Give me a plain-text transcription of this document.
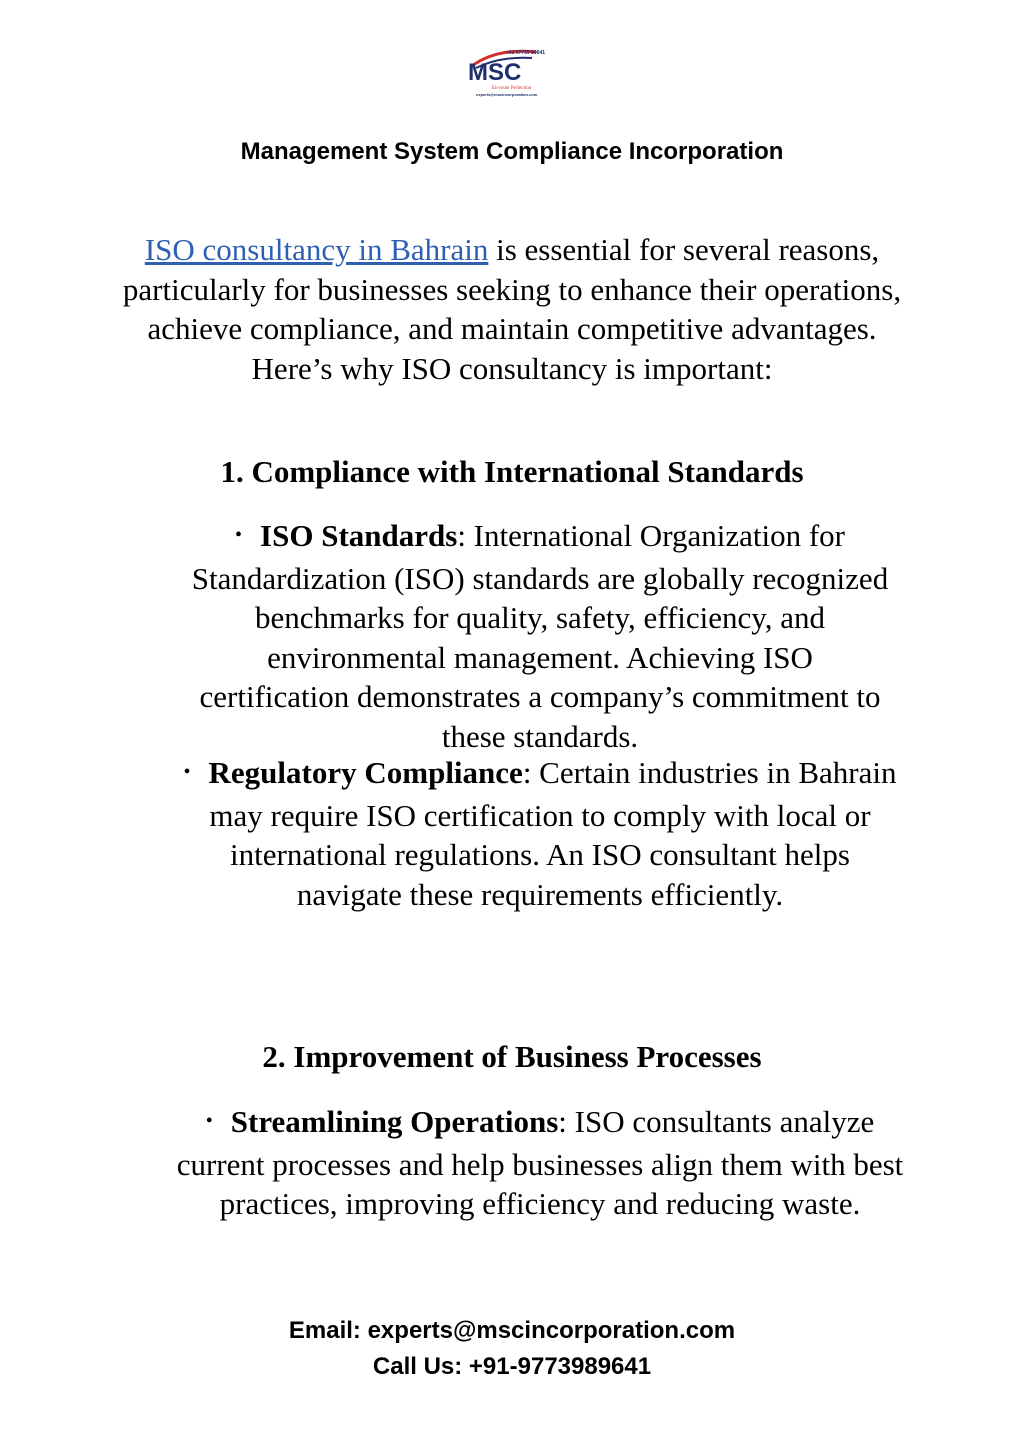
+91 97739 89641
MSC
En-route Perfection
experts@mscincorporation.com
Management System Compliance Incorporation
ISO consultancy in Bahrain is essential for several reasons, particularly for businesses seeking to enhance their operations, achieve compliance, and maintain competitive advantages. Here’s why ISO consultancy is important:
1. Compliance with International Standards
• ISO Standards: International Organization for Standardization (ISO) standards are globally recognized benchmarks for quality, safety, efficiency, and environmental management. Achieving ISO certification demonstrates a company’s commitment to these standards.
• Regulatory Compliance: Certain industries in Bahrain may require ISO certification to comply with local or international regulations. An ISO consultant helps navigate these requirements efficiently.
2. Improvement of Business Processes
• Streamlining Operations: ISO consultants analyze current processes and help businesses align them with best practices, improving efficiency and reducing waste.
Email: experts@mscincorporation.com
Call Us: +91-9773989641
